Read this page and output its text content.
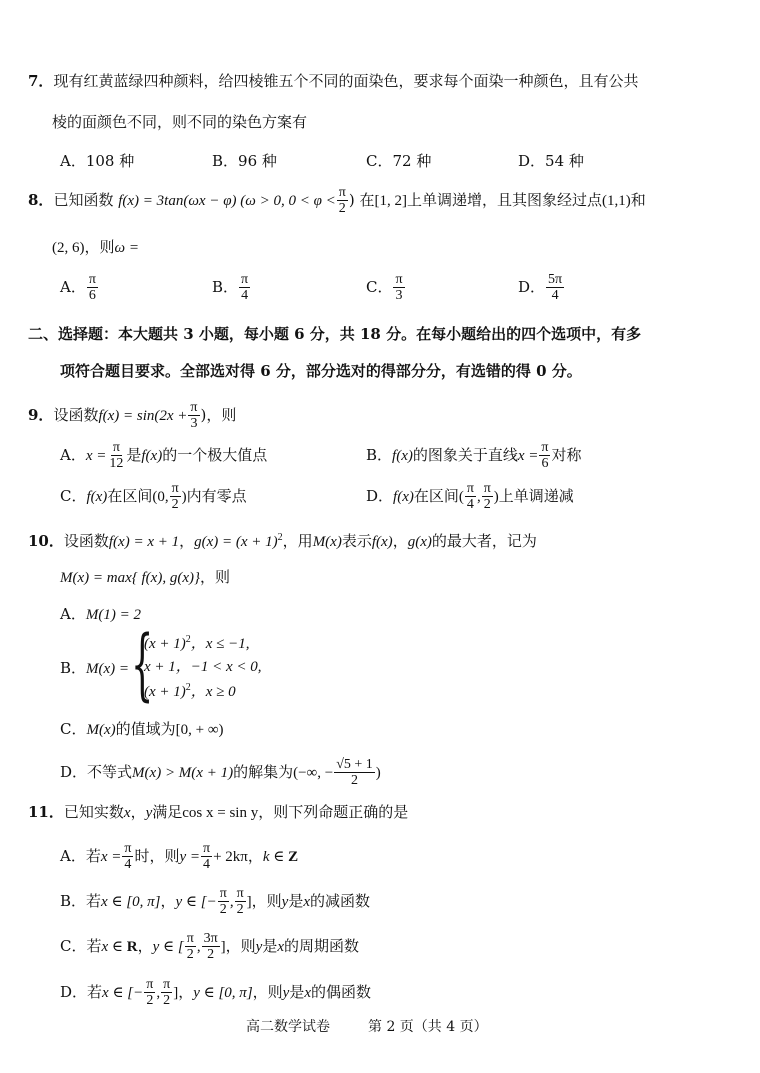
7．现有红黄蓝绿四种颜料，给四棱锥五个不同的面染色，要求每个面染一种颜色，且有公共
棱的面颜色不同，则不同的染色方案有
A．108 种	B．96 种	C．72 种	D．54 种
8．已知函数 f(x) = 3tan(ωx − φ) (ω > 0, $0 < \varphi < \frac{\pi}{2}$ ) 在[1, 2]上单调递增，且其图象经过点(1,1)和
(2, 6)，则ω =
A． $\frac{\pi}{6}$	B． $\frac{\pi}{4}$	C． $\frac{\pi}{3}$	D． $\frac{5\pi}{4}$
二、选择题：本大题共 3 小题，每小题 6 分，共 18 分。在每小题给出的四个选项中，有多
项符合题目要求。全部选对得 6 分，部分选对的得部分分，有选错的得 0 分。
9．设函数$f(x) = \sin(2x + \frac{\pi}{3}$ )，则
A．$x = \frac{\pi}{12}$ 是f(x)的一个极大值点	B．f(x)的图象关于直线$x = \frac{\pi}{6}$ 对称
C．f(x)在区间(0, $\frac{\pi}{2}$ )内有零点	D．f(x)在区间( $\frac{\pi}{4}$ , $\frac{\pi}{2}$ )上单调递减
10．设函数f(x) = x + 1，$g(x) = (x + 1)^2$，用M(x)表示f(x)，g(x)的最大者，记为
M(x) = max{ f(x), g(x)}，则
A．M(1) = 2
B．M(x) = {
$(x + 1)^2$，x ≤ −1,
x + 1，−1 < x < 0,
$(x + 1)^2$，x ≥ 0
C．M(x)的值域为[0, + ∞)
D．不等式M(x) > M(x + 1)的解集为(−∞, − $\frac{√5 + 1}{2}$ )
11．已知实数x，y满足cos x = sin y，则下列命题正确的是
A．若$x = \frac{\pi}{4}$ 时，则$y = \frac{\pi}{4} + 2k\pi$，k ∈ Z
B．若x ∈ [0, π]，y ∈ [− $\frac{\pi}{2}$ , $\frac{\pi}{2}$ ]，则y是x的减函数
C．若x ∈ R，y ∈ [ $\frac{\pi}{2}$ , $\frac{3\pi}{2}$ ]，则y是x的周期函数
D．若x ∈ [− $\frac{\pi}{2}$ , $\frac{\pi}{2}$ ]，y ∈ [0, π]，则y是x的偶函数
高二数学试卷	第 2 页（共 4 页）
